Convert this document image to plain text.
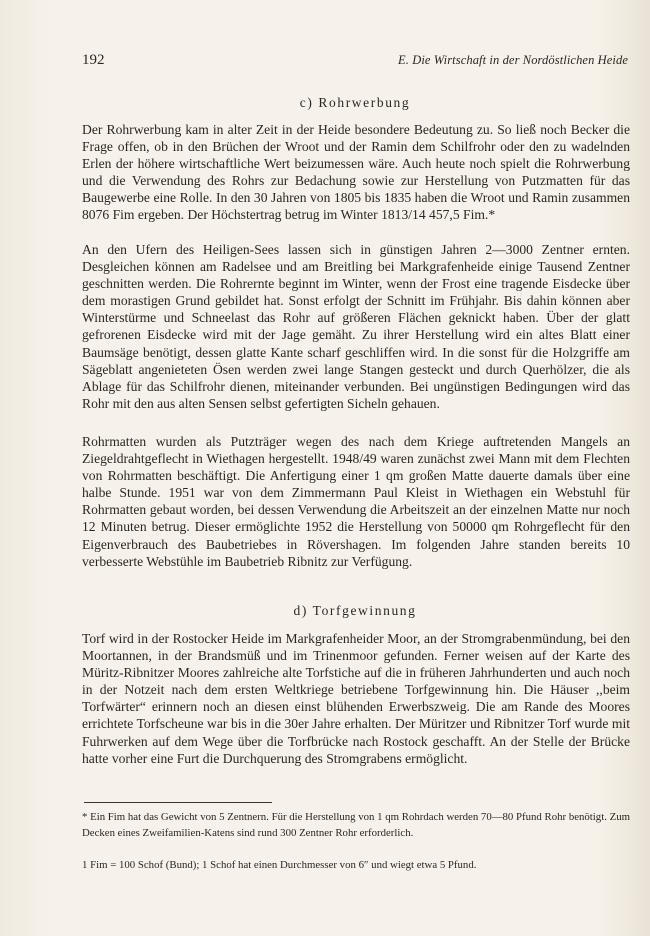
192	E. Die Wirtschaft in der Nordöstlichen Heide
c) Rohrwerbung

Der Rohrwerbung kam in alter Zeit in der Heide besondere Bedeutung zu. So ließ noch Becker die Frage offen, ob in den Brüchen der Wroot und der Ramin dem Schilfrohr oder den zu wadelnden Erlen der höhere wirtschaftliche Wert beizumessen wäre. Auch heute noch spielt die Rohrwerbung und die Verwendung des Rohrs zur Bedachung sowie zur Herstellung von Putzmatten für das Baugewerbe eine Rolle. In den 30 Jahren von 1805 bis 1835 haben die Wroot und Ramin zusammen 8076 Fim ergeben. Der Höchstertrag betrug im Winter 1813/14 457,5 Fim.*

An den Ufern des Heiligen-Sees lassen sich in günstigen Jahren 2—3000 Zentner ernten. Desgleichen können am Radelsee und am Breitling bei Markgrafenheide einige Tausend Zentner geschnitten werden. Die Rohrernte beginnt im Winter, wenn der Frost eine tragende Eisdecke über dem morastigen Grund gebildet hat. Sonst erfolgt der Schnitt im Frühjahr. Bis dahin können aber Winterstürme und Schneelast das Rohr auf größeren Flächen geknickt haben. Über der glatt gefrorenen Eisdecke wird mit der Jage gemäht. Zu ihrer Herstellung wird ein altes Blatt einer Baumsäge benötigt, dessen glatte Kante scharf geschliffen wird. In die sonst für die Holzgriffe am Sägeblatt angenieteten Ösen werden zwei lange Stangen gesteckt und durch Querhölzer, die als Ablage für das Schilfrohr dienen, miteinander verbunden. Bei ungünstigen Bedingungen wird das Rohr mit den aus alten Sensen selbst gefertigten Sicheln gehauen.

Rohrmatten wurden als Putzträger wegen des nach dem Kriege auftretenden Mangels an Ziegeldrahtgeflecht in Wiethagen hergestellt. 1948/49 waren zunächst zwei Mann mit dem Flechten von Rohrmatten beschäftigt. Die Anfertigung einer 1 qm großen Matte dauerte damals über eine halbe Stunde. 1951 war von dem Zimmermann Paul Kleist in Wiethagen ein Webstuhl für Rohrmatten gebaut worden, bei dessen Verwendung die Arbeitszeit an der einzelnen Matte nur noch 12 Minuten betrug. Dieser ermöglichte 1952 die Herstellung von 50000 qm Rohrgeflecht für den Eigenverbrauch des Baubetriebes in Rövershagen. Im folgenden Jahre standen bereits 10 verbesserte Webstühle im Baubetrieb Ribnitz zur Verfügung.

d) Torfgewinnung

Torf wird in der Rostocker Heide im Markgrafenheider Moor, an der Stromgrabenmündung, bei den Moortannen, in der Brandsmüß und im Trinenmoor gefunden. Ferner weisen auf der Karte des Müritz-Ribnitzer Moores zahlreiche alte Torfstiche auf die in früheren Jahrhunderten und auch noch in der Notzeit nach dem ersten Weltkriege betriebene Torfgewinnung hin. Die Häuser ,,beim Torfwärter“ erinnern noch an diesen einst blühenden Erwerbszweig. Die am Rande des Moores errichtete Torfscheune war bis in die 30er Jahre erhalten. Der Müritzer und Ribnitzer Torf wurde mit Fuhrwerken auf dem Wege über die Torfbrücke nach Rostock geschafft. An der Stelle der Brücke hatte vorher eine Furt die Durchquerung des Stromgrabens ermöglicht.

* Ein Fim hat das Gewicht von 5 Zentnern. Für die Herstellung von 1 qm Rohrdach werden 70—80 Pfund Rohr benötigt. Zum Decken eines Zweifamilien-Katens sind rund 300 Zentner Rohr erforderlich.

1 Fim = 100 Schof (Bund); 1 Schof hat einen Durchmesser von 6″ und wiegt etwa 5 Pfund.
